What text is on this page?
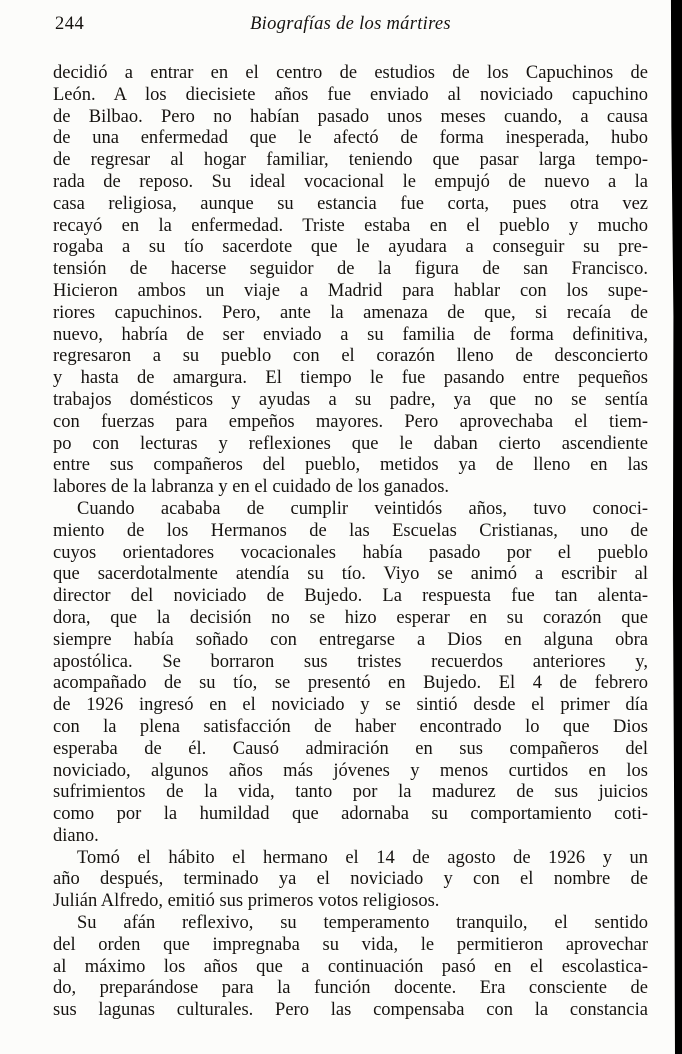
244	Biografías de los mártires
decidió a entrar en el centro de estudios de los Capuchinos de
León. A los diecisiete años fue enviado al noviciado capuchino
de Bilbao. Pero no habían pasado unos meses cuando, a causa
de una enfermedad que le afectó de forma inesperada, hubo
de regresar al hogar familiar, teniendo que pasar larga tempo-
rada de reposo. Su ideal vocacional le empujó de nuevo a la
casa religiosa, aunque su estancia fue corta, pues otra vez
recayó en la enfermedad. Triste estaba en el pueblo y mucho
rogaba a su tío sacerdote que le ayudara a conseguir su pre-
tensión de hacerse seguidor de la figura de san Francisco.
Hicieron ambos un viaje a Madrid para hablar con los supe-
riores capuchinos. Pero, ante la amenaza de que, si recaía de
nuevo, habría de ser enviado a su familia de forma definitiva,
regresaron a su pueblo con el corazón lleno de desconcierto
y hasta de amargura. El tiempo le fue pasando entre pequeños
trabajos domésticos y ayudas a su padre, ya que no se sentía
con fuerzas para empeños mayores. Pero aprovechaba el tiem-
po con lecturas y reflexiones que le daban cierto ascendiente
entre sus compañeros del pueblo, metidos ya de lleno en las
labores de la labranza y en el cuidado de los ganados.
Cuando acababa de cumplir veintidós años, tuvo conoci-
miento de los Hermanos de las Escuelas Cristianas, uno de
cuyos orientadores vocacionales había pasado por el pueblo
que sacerdotalmente atendía su tío. Viyo se animó a escribir al
director del noviciado de Bujedo. La respuesta fue tan alenta-
dora, que la decisión no se hizo esperar en su corazón que
siempre había soñado con entregarse a Dios en alguna obra
apostólica. Se borraron sus tristes recuerdos anteriores y,
acompañado de su tío, se presentó en Bujedo. El 4 de febrero
de 1926 ingresó en el noviciado y se sintió desde el primer día
con la plena satisfacción de haber encontrado lo que Dios
esperaba de él. Causó admiración en sus compañeros del
noviciado, algunos años más jóvenes y menos curtidos en los
sufrimientos de la vida, tanto por la madurez de sus juicios
como por la humildad que adornaba su comportamiento coti-
diano.
Tomó el hábito el hermano el 14 de agosto de 1926 y un
año después, terminado ya el noviciado y con el nombre de
Julián Alfredo, emitió sus primeros votos religiosos.
Su afán reflexivo, su temperamento tranquilo, el sentido
del orden que impregnaba su vida, le permitieron aprovechar
al máximo los años que a continuación pasó en el escolastica-
do, preparándose para la función docente. Era consciente de
sus lagunas culturales. Pero las compensaba con la constancia
